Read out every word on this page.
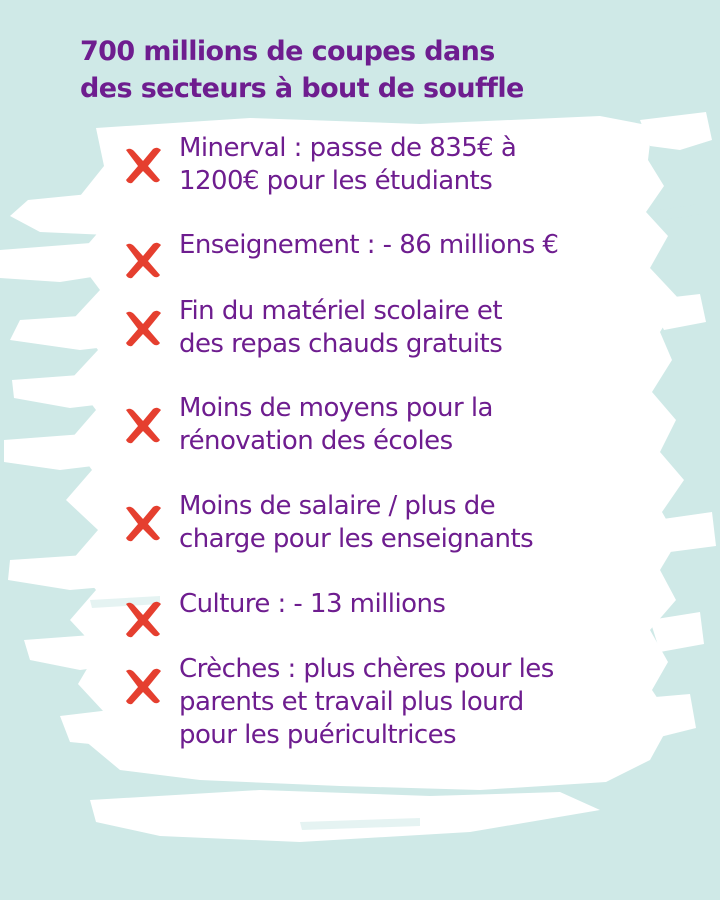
700 millions de coupes dans
des secteurs à bout de souffle
Minerval : passe de 835€ à
1200€ pour les étudiants
Enseignement : - 86 millions €
Fin du matériel scolaire et
des repas chauds gratuits
Moins de moyens pour la
rénovation des écoles
Moins de salaire / plus de
charge pour les enseignants
Culture : - 13 millions
Crèches : plus chères pour les
parents et travail plus lourd
pour les puéricultrices
